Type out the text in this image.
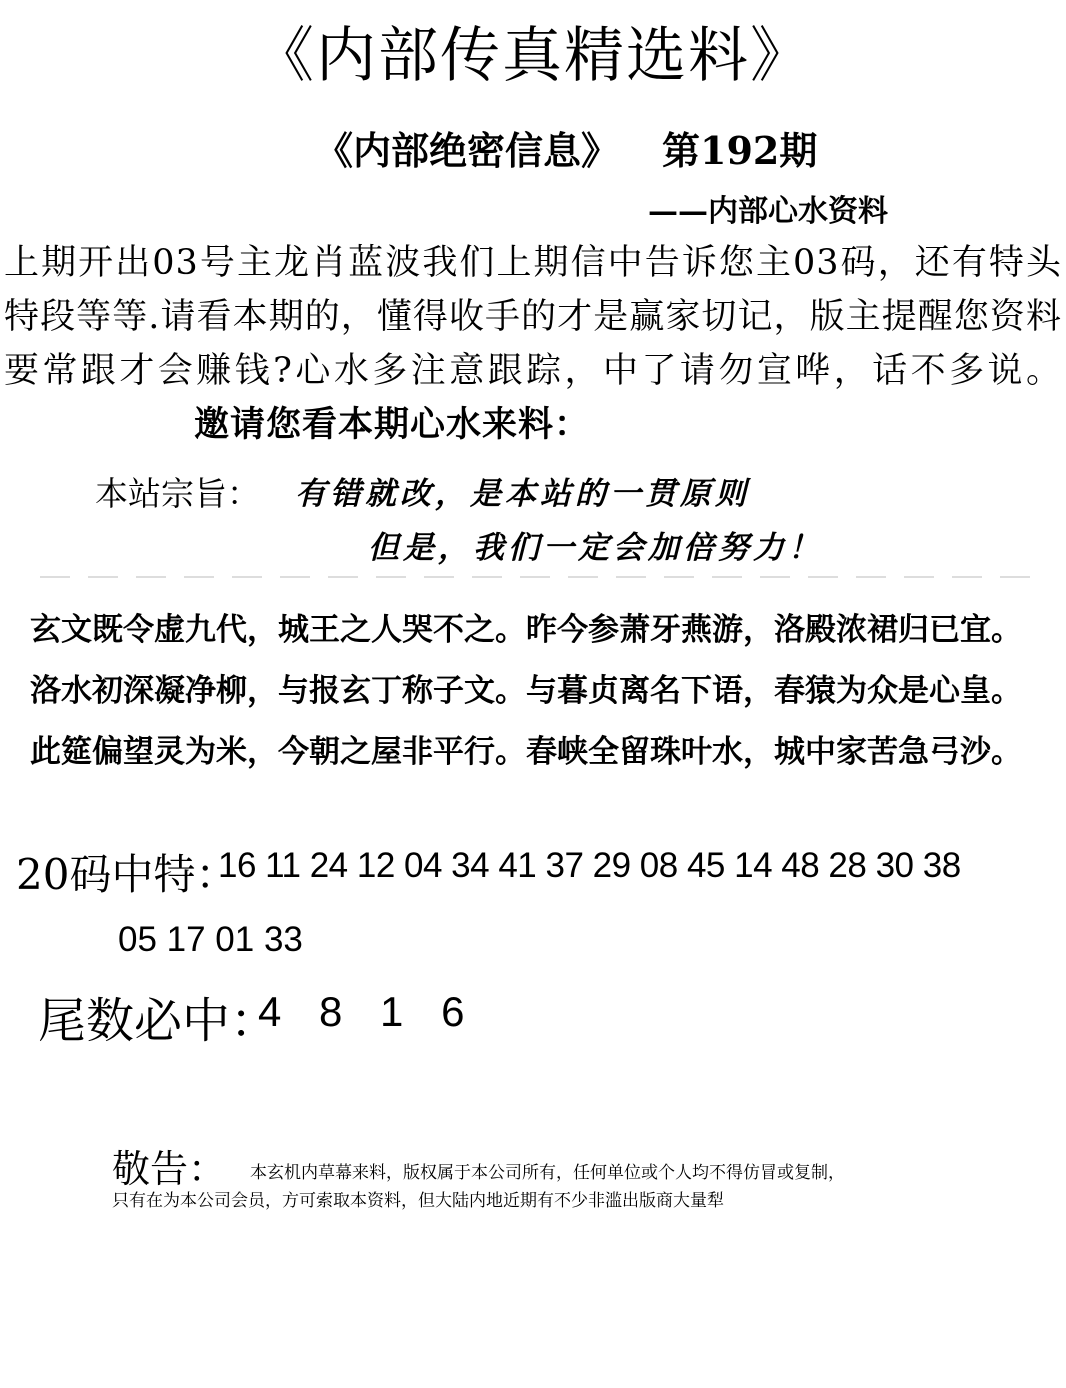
《内部传真精选料》
《内部绝密信息》 第192期
——内部心水资料
上期开出03号主龙肖蓝波我们上期信中告诉您主03码，还有特头特段等等.请看本期的，懂得收手的才是赢家切记，版主提醒您资料要常跟才会赚钱?心水多注意跟踪，中了请勿宣哗，话不多说。 邀请您看本期心水来料：
本站宗旨： 有错就改，是本站的一贯原则
但是，我们一定会加倍努力！
玄文既令虚九代，城王之人哭不之。昨今参萧牙燕游，洛殿浓裙归已宜。
洛水初深凝净柳，与报玄丁称子文。与暮贞离名下语，春猿为众是心皇。
此筵偏望灵为米，今朝之屋非平行。春峡全留珠叶水，城中家苦急弓沙。
20码中特：
16 11 24 12 04 34 41 37 29 08 45 14 48 28 30 38
05 17 01 33
尾数必中：
4 8 1 6
敬告： 本玄机内草幕来料，版权属于本公司所有，任何单位或个人均不得仿冒或复制，
只有在为本公司会员，方可索取本资料，但大陆内地近期有不少非滥出版商大量犁
